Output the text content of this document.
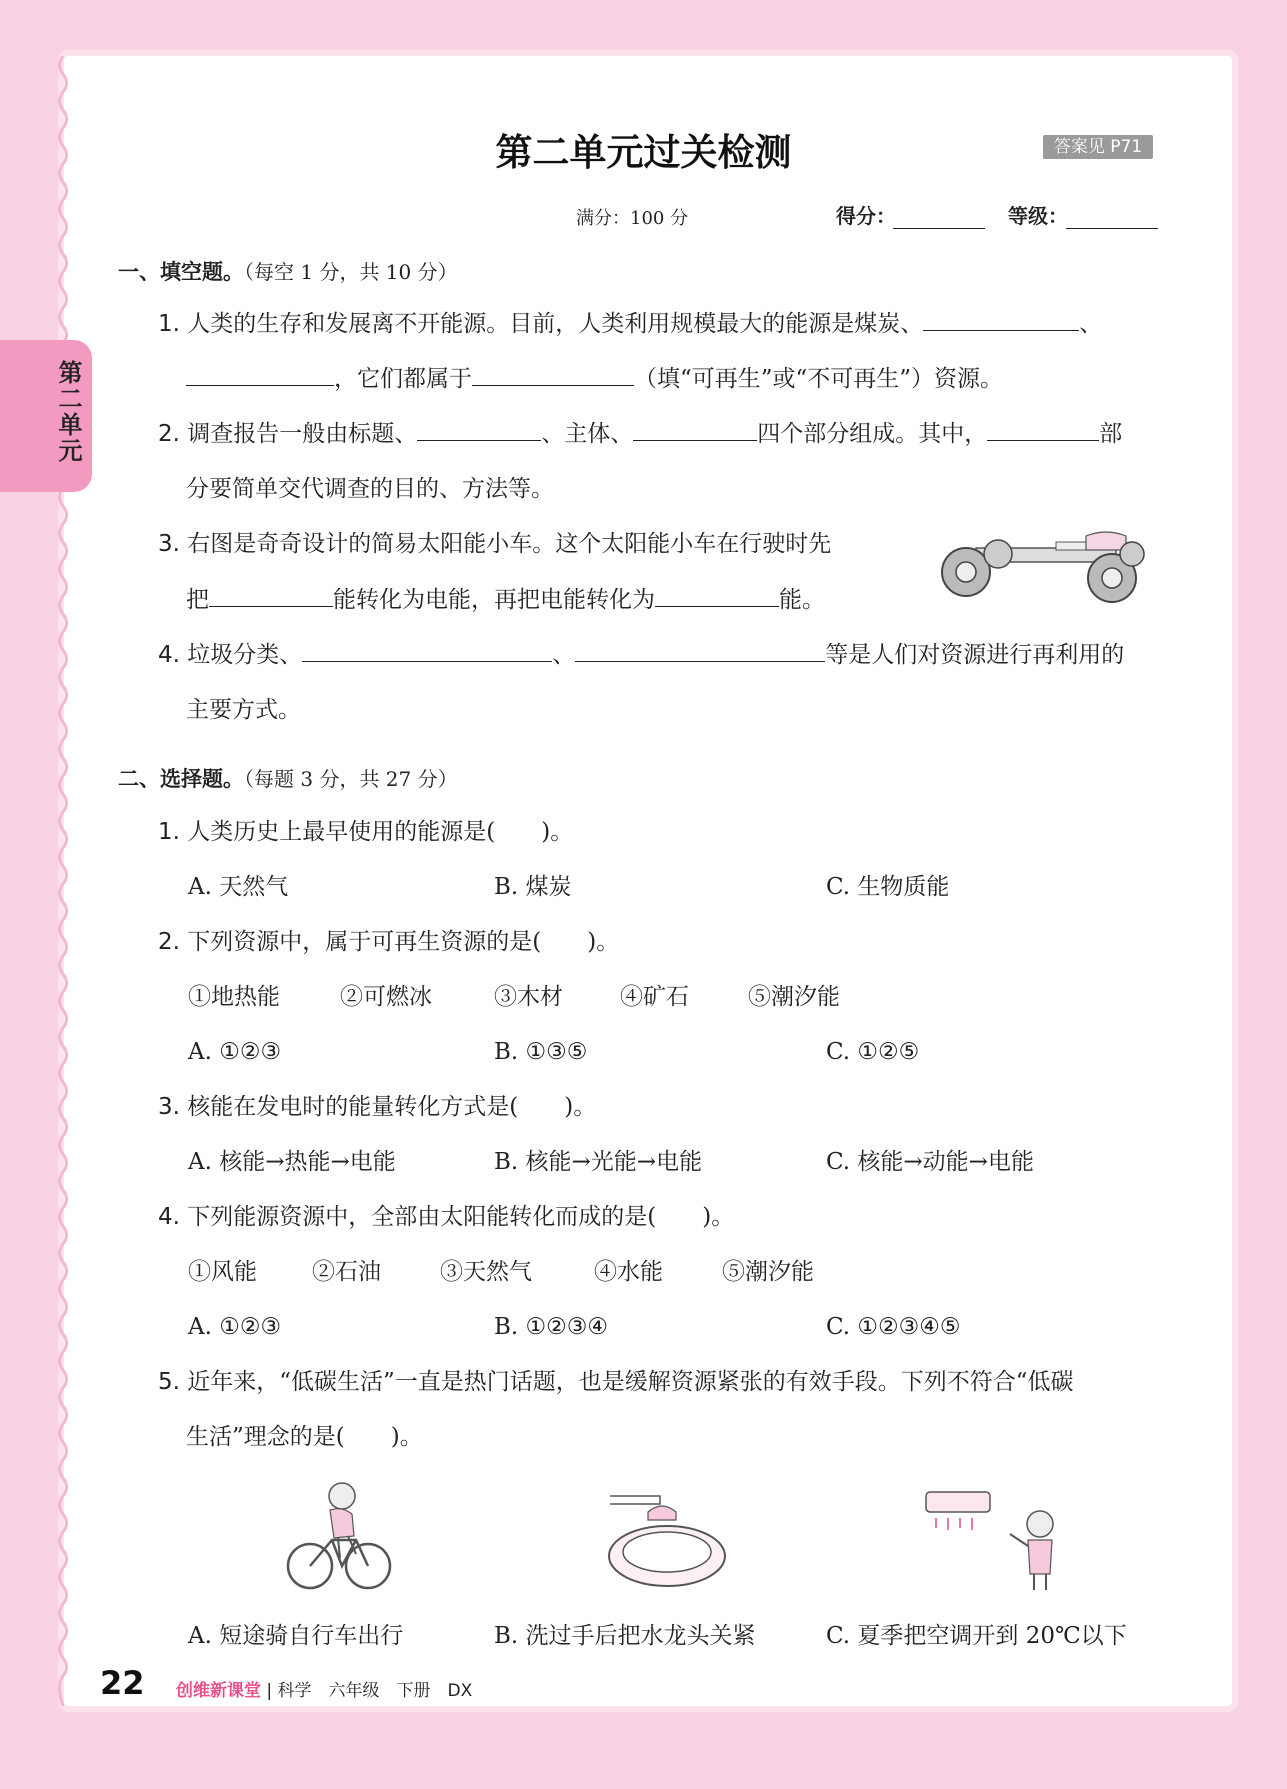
第二单元
第二单元过关检测	答案见 P71
满分：100 分	得分：	等级：
一、填空题。（每空 1 分，共 10 分）
1. 人类的生存和发展离不开能源。目前，人类利用规模最大的能源是煤炭、	、
，它们都属于	（填“可再生”或“不可再生”）资源。
2. 调查报告一般由标题、	、主体、	四个部分组成。其中，	部
分要简单交代调查的目的、方法等。
3. 右图是奇奇设计的简易太阳能小车。这个太阳能小车在行驶时先
把	能转化为电能，再把电能转化为	能。
4. 垃圾分类、	、	等是人们对资源进行再利用的
主要方式。
二、选择题。（每题 3 分，共 27 分）
1. 人类历史上最早使用的能源是(　　)。
A. 天然气	B. 煤炭	C. 生物质能
2. 下列资源中，属于可再生资源的是(　　)。
①地热能	②可燃冰	③木材 ④矿石	⑤潮汐能
A. ①②③	B. ①③⑤	C. ①②⑤
3. 核能在发电时的能量转化方式是(　　)。
A. 核能→热能→电能	B. 核能→光能→电能	C. 核能→动能→电能
4. 下列能源资源中，全部由太阳能转化而成的是(　　)。
①风能 ②石油	③天然气	④水能	⑤潮汐能
A. ①②③	B. ①②③④	C. ①②③④⑤
5. 近年来，“低碳生活”一直是热门话题，也是缓解资源紧张的有效手段。下列不符合“低碳
生活”理念的是(　　)。
A. 短途骑自行车出行	B. 洗过手后把水龙头关紧	C. 夏季把空调开到 20℃以下
22 创维新课堂 | 科学　六年级　下册　DX
